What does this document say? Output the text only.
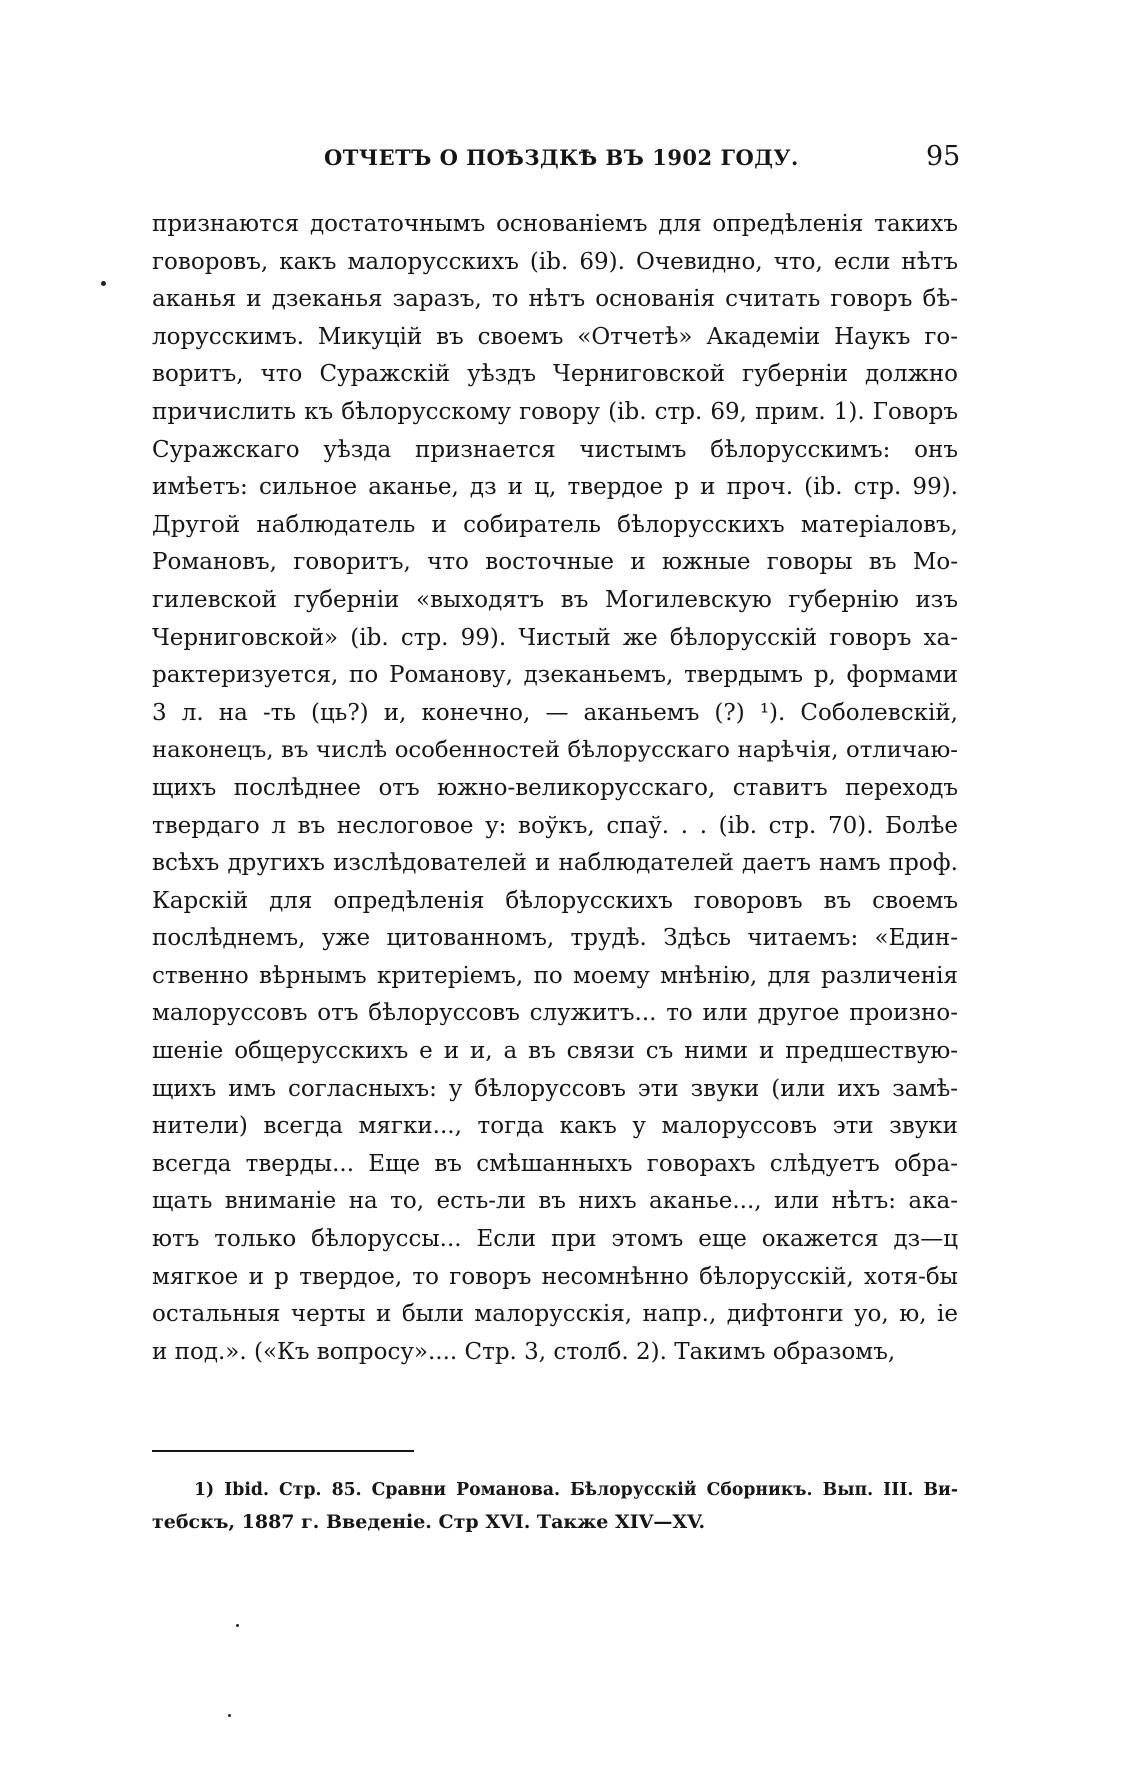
ОТЧЕТЪ О ПОѢЗДКѢ ВЪ 1902 ГОДУ.	95
признаются достаточнымъ основаніемъ для опредѣленія такихъ
говоровъ, какъ малорусскихъ (ib. 69). Очевидно, что, если нѣтъ
аканья и дзеканья заразъ, то нѣтъ основанія считать говоръ бѣ-
лорусскимъ. Микуцій въ своемъ «Отчетѣ» Академіи Наукъ го-
воритъ, что Суражскій уѣздъ Черниговской губерніи должно
причислить къ бѣлорусскому говору (ib. стр. 69, прим. 1). Говоръ
Суражскаго уѣзда признается чистымъ бѣлорусскимъ: онъ
имѣетъ: сильное аканье, дз и ц, твердое р и проч. (ib. стр. 99).
Другой наблюдатель и собиратель бѣлорусскихъ матеріаловъ,
Романовъ, говоритъ, что восточные и южные говоры въ Мо-
гилевской губерніи «выходятъ въ Могилевскую губернію изъ
Черниговской» (ib. стр. 99). Чистый же бѣлорусскій говоръ ха-
рактеризуется, по Романову, дзеканьемъ, твердымъ р, формами
3 л. на -ть (ць?) и, конечно, — аканьемъ (?) ¹). Соболевскій,
наконецъ, въ числѣ особенностей бѣлорусскаго нарѣчія, отличаю-
щихъ послѣднее отъ южно-великорусскаго, ставитъ переходъ
твердаго л въ неслоговое у: воўкъ, спаў. . . (ib. стр. 70). Болѣе
всѣхъ другихъ изслѣдователей и наблюдателей даетъ намъ проф.
Карскій для опредѣленія бѣлорусскихъ говоровъ въ своемъ
послѣднемъ, уже цитованномъ, трудѣ. Здѣсь читаемъ: «Един-
ственно вѣрнымъ критеріемъ, по моему мнѣнію, для различенія
малоруссовъ отъ бѣлоруссовъ служитъ... то или другое произно-
шеніе общерусскихъ е и и, а въ связи съ ними и предшествую-
щихъ имъ согласныхъ: у бѣлоруссовъ эти звуки (или ихъ замѣ-
нители) всегда мягки..., тогда какъ у малоруссовъ эти звуки
всегда тверды... Еще въ смѣшанныхъ говорахъ слѣдуетъ обра-
щать вниманіе на то, есть-ли въ нихъ аканье..., или нѣтъ: ака-
ютъ только бѣлоруссы... Если при этомъ еще окажется дз—ц
мягкое и р твердое, то говоръ несомнѣнно бѣлорусскій, хотя-бы
остальныя черты и были малорусскія, напр., дифтонги уо, ю, іе
и под.». («Къ вопросу».... Стр. 3, столб. 2). Такимъ образомъ,
1) Ibid. Стр. 85. Сравни Романова. Бѣлорусскій Сборникъ. Вып. III. Ви-
тебскъ, 1887 г. Введеніе. Стр XVI. Также XIV—XV.
